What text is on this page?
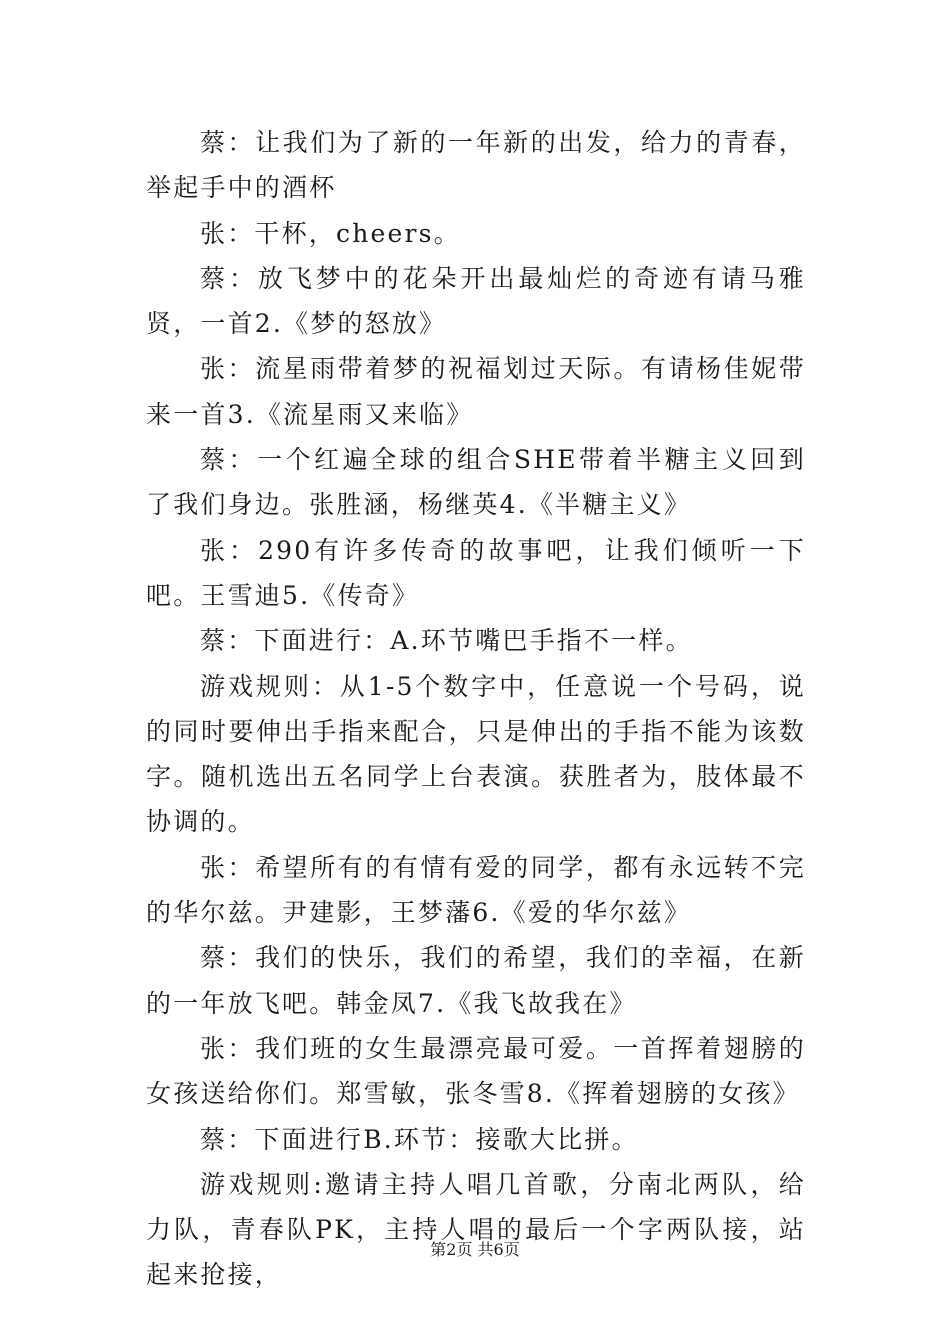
蔡：让我们为了新的一年新的出发，给力的青春，举起手中的酒杯

张：干杯，cheers。

蔡：放飞梦中的花朵开出最灿烂的奇迹有请马雅贤，一首2.《梦的怒放》

张：流星雨带着梦的祝福划过天际。有请杨佳妮带来一首3.《流星雨又来临》

蔡：一个红遍全球的组合SHE带着半糖主义回到了我们身边。张胜涵，杨继英4.《半糖主义》

张：290有许多传奇的故事吧，让我们倾听一下吧。王雪迪5.《传奇》

蔡：下面进行：A.环节嘴巴手指不一样。

游戏规则：从1-5个数字中，任意说一个号码，说的同时要伸出手指来配合，只是伸出的手指不能为该数字。随机选出五名同学上台表演。获胜者为，肢体最不协调的。

张：希望所有的有情有爱的同学，都有永远转不完的华尔兹。尹建影，王梦藩6.《爱的华尔兹》

蔡：我们的快乐，我们的希望，我们的幸福，在新的一年放飞吧。韩金凤7.《我飞故我在》

张：我们班的女生最漂亮最可爱。一首挥着翅膀的女孩送给你们。郑雪敏，张冬雪8.《挥着翅膀的女孩》

蔡：下面进行B.环节：接歌大比拼。

游戏规则:邀请主持人唱几首歌，分南北两队，给力队，青春队PK，主持人唱的最后一个字两队接，站起来抢接，

第2页 共6页
